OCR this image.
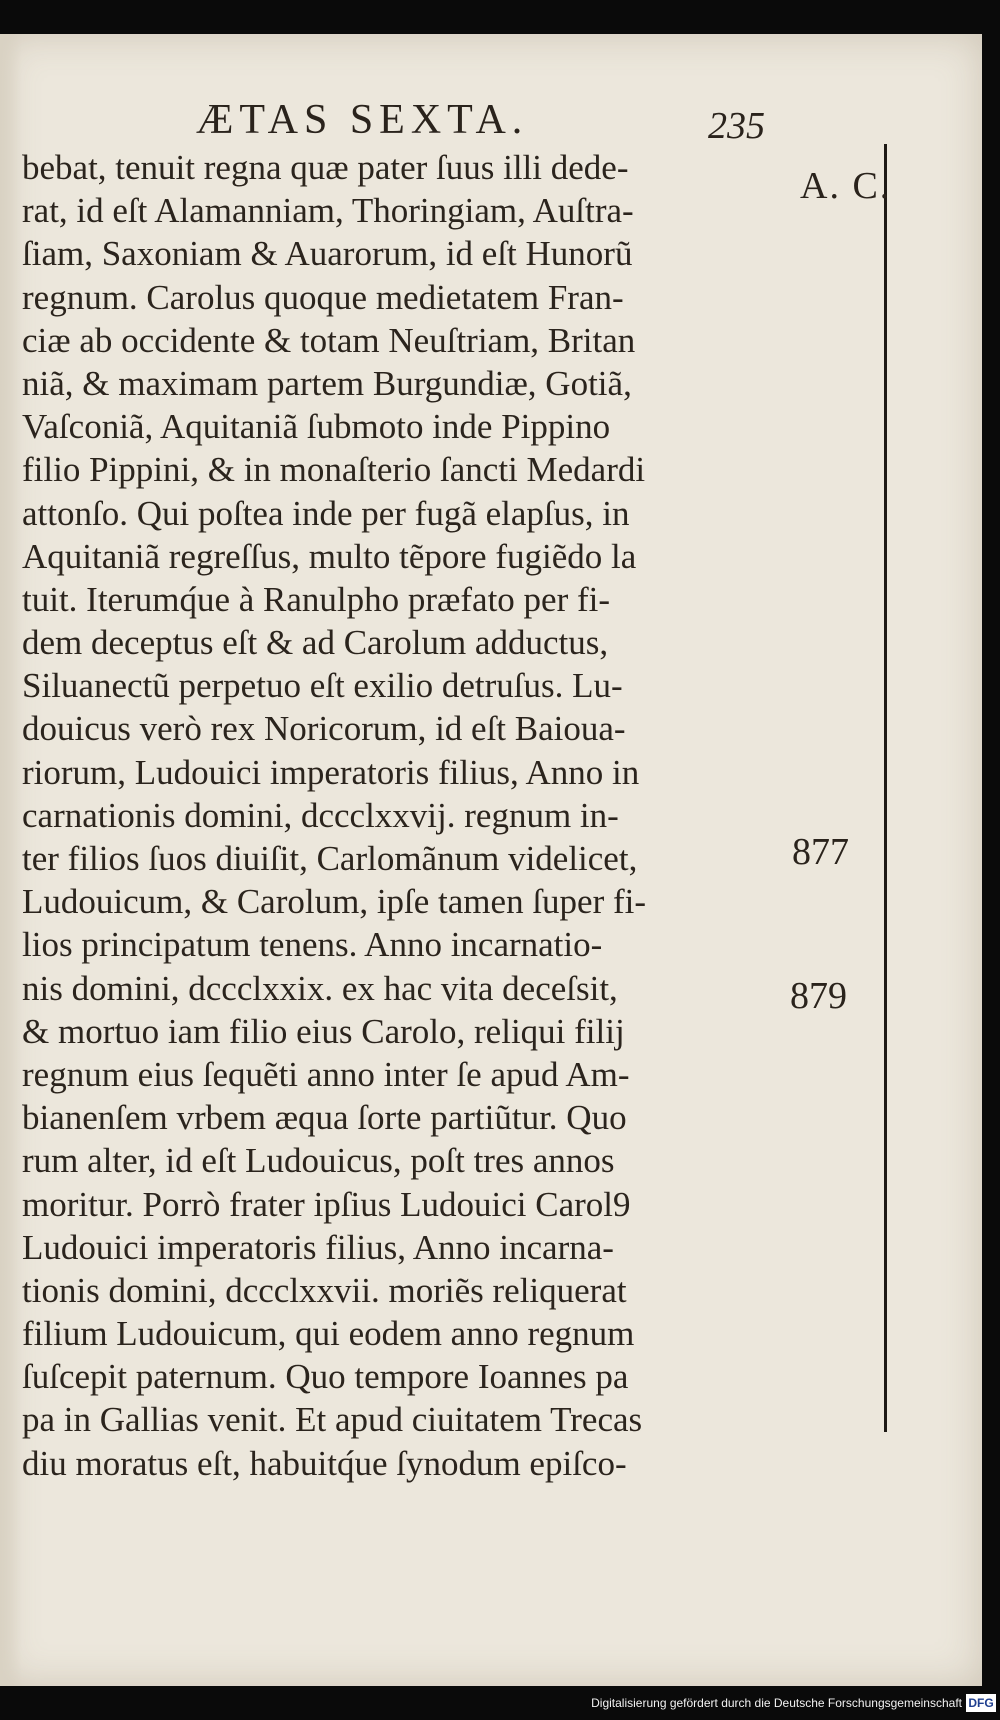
ÆTAS SEXTA.	235
bebat, tenuit regna quæ pater ſuus illi dede-
rat, id eſt Alamanniam, Thoringiam, Auſtra-
ſiam, Saxoniam & Auarorum, id eſt Hunorũ
regnum. Carolus quoque medietatem Fran-
ciæ ab occidente & totam Neuſtriam, Britan
niã, & maximam partem Burgundiæ, Gotiã,
Vaſconiã, Aquitaniã ſubmoto inde Pippino
filio Pippini, & in monaſterio ſancti Medardi
attonſo. Qui poſtea inde per fugã elapſus, in
Aquitaniã regreſſus, multo tẽpore fugiẽdo la
tuit. Iterumq́ue à Ranulpho præfato per fi-
dem deceptus eſt & ad Carolum adductus,
Siluanectũ perpetuo eſt exilio detruſus. Lu-
douicus verò rex Noricorum, id eſt Baioua-
riorum, Ludouici imperatoris filius, Anno in
carnationis domini, dccclxxvij. regnum in-
ter filios ſuos diuiſit, Carlomãnum videlicet,
Ludouicum, & Carolum, ipſe tamen ſuper fi-
lios principatum tenens. Anno incarnatio-
nis domini, dccclxxix. ex hac vita deceſsit,
& mortuo iam filio eius Carolo, reliqui filij
regnum eius ſequẽti anno inter ſe apud Am-
bianenſem vrbem æqua ſorte partiũtur. Quo
rum alter, id eſt Ludouicus, poſt tres annos
moritur. Porrò frater ipſius Ludouici Carol9
Ludouici imperatoris filius, Anno incarna-
tionis domini, dccclxxvii. moriẽs reliquerat
filium Ludouicum, qui eodem anno regnum
ſuſcepit paternum. Quo tempore Ioannes pa
pa in Gallias venit. Et apud ciuitatem Trecas
diu moratus eſt, habuitq́ue ſynodum epiſco-
A. C.
877
879
Digitalisierung gefördert durch die Deutsche Forschungsgemeinschaft DFG
